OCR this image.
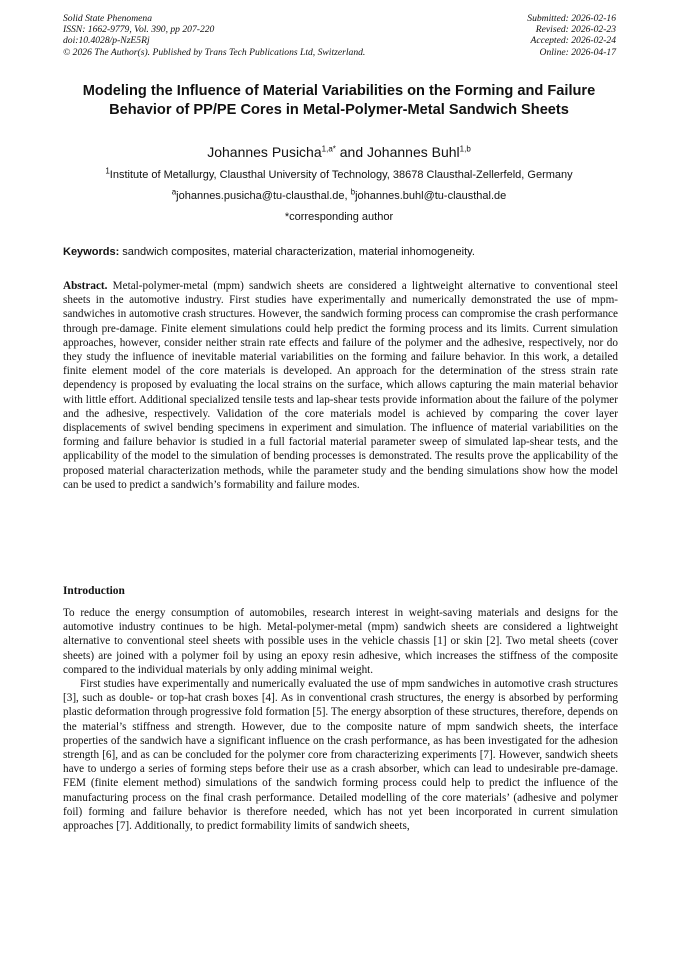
Solid State Phenomena
ISSN: 1662-9779, Vol. 390, pp 207-220
doi:10.4028/p-NzE5Rj
© 2026 The Author(s). Published by Trans Tech Publications Ltd, Switzerland.
Submitted: 2026-02-16
Revised: 2026-02-23
Accepted: 2026-02-24
Online: 2026-04-17
Modeling the Influence of Material Variabilities on the Forming and Failure Behavior of PP/PE Cores in Metal-Polymer-Metal Sandwich Sheets
Johannes Pusicha$^{1,a*}$ and Johannes Buhl$^{1,b}$
$^1$Institute of Metallurgy, Clausthal University of Technology, 38678 Clausthal-Zellerfeld, Germany
$^a$johannes.pusicha@tu-clausthal.de, $^b$johannes.buhl@tu-clausthal.de
*corresponding author
Keywords: sandwich composites, material characterization, material inhomogeneity.
Abstract. Metal-polymer-metal (mpm) sandwich sheets are considered a lightweight alternative to conventional steel sheets in the automotive industry. First studies have experimentally and numerically demonstrated the use of mpm-sandwiches in automotive crash structures. However, the sandwich forming process can compromise the crash performance through pre-damage. Finite element simulations could help predict the forming process and its limits. Current simulation approaches, however, consider neither strain rate effects and failure of the polymer and the adhesive, respectively, nor do they study the influence of inevitable material variabilities on the forming and failure behavior. In this work, a detailed finite element model of the core materials is developed. An approach for the determination of the stress strain rate dependency is proposed by evaluating the local strains on the surface, which allows capturing the main material behavior with little effort. Additional specialized tensile tests and lap-shear tests provide information about the failure of the polymer and the adhesive, respectively. Validation of the core materials model is achieved by comparing the cover layer displacements of swivel bending specimens in experiment and simulation. The influence of material variabilities on the forming and failure behavior is studied in a full factorial material parameter sweep of simulated lap-shear tests, and the applicability of the model to the simulation of bending processes is demonstrated. The results prove the applicability of the proposed material characterization methods, while the parameter study and the bending simulations show how the model can be used to predict a sandwich’s formability and failure modes.
Introduction

To reduce the energy consumption of automobiles, research interest in weight-saving materials and designs for the automotive industry continues to be high. Metal-polymer-metal (mpm) sandwich sheets are considered a lightweight alternative to conventional steel sheets with possible uses in the vehicle chassis [1] or skin [2]. Two metal sheets (cover sheets) are joined with a polymer foil by using an epoxy resin adhesive, which increases the stiffness of the composite compared to the individual materials by only adding minimal weight.

First studies have experimentally and numerically evaluated the use of mpm sandwiches in automotive crash structures [3], such as double- or top-hat crash boxes [4]. As in conventional crash structures, the energy is absorbed by performing plastic deformation through progressive fold formation [5]. The energy absorption of these structures, therefore, depends on the material’s stiffness and strength. However, due to the composite nature of mpm sandwich sheets, the interface properties of the sandwich have a significant influence on the crash performance, as has been investigated for the adhesion strength [6], and as can be concluded for the polymer core from characterizing experiments [7]. However, sandwich sheets have to undergo a series of forming steps before their use as a crash absorber, which can lead to undesirable pre-damage. FEM (finite element method) simulations of the sandwich forming process could help to predict the influence of the manufacturing process on the final crash performance. Detailed modelling of the core materials’ (adhesive and polymer foil) forming and failure behavior is therefore needed, which has not yet been incorporated in current simulation approaches [7]. Additionally, to predict formability limits of sandwich sheets,
